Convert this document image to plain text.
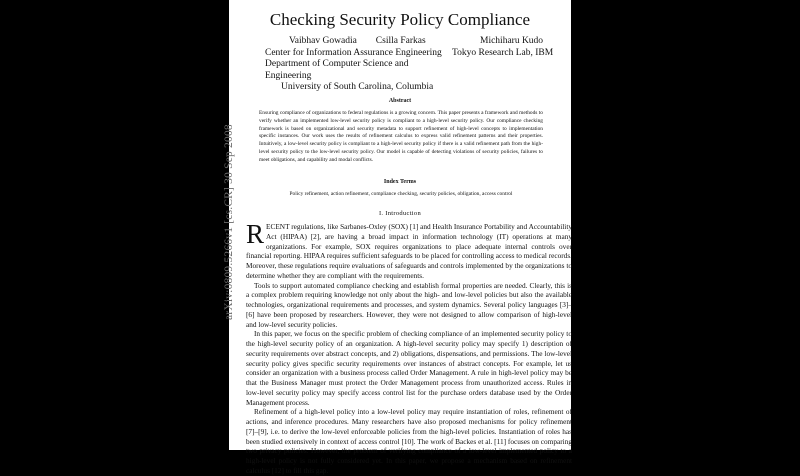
arXiv:0809.5266v1 [cs.CR] 30 Sep 2008
Checking Security Policy Compliance
Vaibhav Gowadia        Csilla Farkas
Center for Information Assurance Engineering
Department of Computer Science and Engineering
University of South Carolina, Columbia
Michiharu Kudo
Tokyo Research Lab, IBM
Abstract

Ensuring compliance of organizations to federal regulations is a growing concern. This paper presents a framework and methods to verify whether an implemented low-level security policy is compliant to a high-level security policy. Our compliance checking framework is based on organizational and security metadata to support refinement of high-level concepts to implementation specific instances. Our work uses the results of refinement calculus to express valid refinement patterns and their properties. Intuitively, a low-level security policy is compliant to a high-level security policy if there is a valid refinement path from the high-level security policy to the low-level security policy. Our model is capable of detecting violations of security policies, failures to meet obligations, and capability and modal conflicts.

Index Terms
Policy refinement, action refinement, compliance checking, security policies, obligation, access control
I. Introduction

RECENT regulations, like Sarbanes-Oxley (SOX) [1] and Health Insurance Portability and Accountability Act (HIPAA) [2], are having a broad impact in information technology (IT) operations at many organizations. For example, SOX requires organizations to place adequate internal controls over financial reporting. HIPAA requires sufficient safeguards to be placed for controlling access to medical records. Moreover, these regulations require evaluations of safeguards and controls implemented by the organizations to determine whether they are compliant with the requirements.

Tools to support automated compliance checking and establish formal properties are needed. Clearly, this is a complex problem requiring knowledge not only about the high- and low-level policies but also the available technologies, organizational requirements and processes, and system dynamics. Several policy languages [3]–[6] have been proposed by researchers. However, they were not designed to allow comparison of high-level and low-level security policies.

In this paper, we focus on the specific problem of checking compliance of an implemented security policy to the high-level security policy of an organization. A high-level security policy may specify 1) description of security requirements over abstract concepts, and 2) obligations, dispensations, and permissions. The low-level security policy gives specific security requirements over instances of abstract concepts. For example, let us consider an organization with a business process called Order Management. A rule in high-level policy may be that the Business Manager must protect the Order Management process from unauthorized access. Rules in low-level security policy may specify access control list for the purchase orders database used by the Order Management process.

Refinement of a high-level policy into a low-level policy may require instantiation of roles, refinement of actions, and inference procedures. Many researchers have also proposed mechanisms for policy refinement [7]–[9], i.e. to derive the low-level enforceable policies from the high-level policies. Instantiation of roles has been studied extensively in context of access control [10]. The work of Backes et al. [11] focuses on comparing two privacy policies. However, the problem of verifying compliance of a low-level implemented policy to a high-level policy is not fully considered yet. In this paper, we propose a mechanism based on refinement calculus [12] to fill this gap.
